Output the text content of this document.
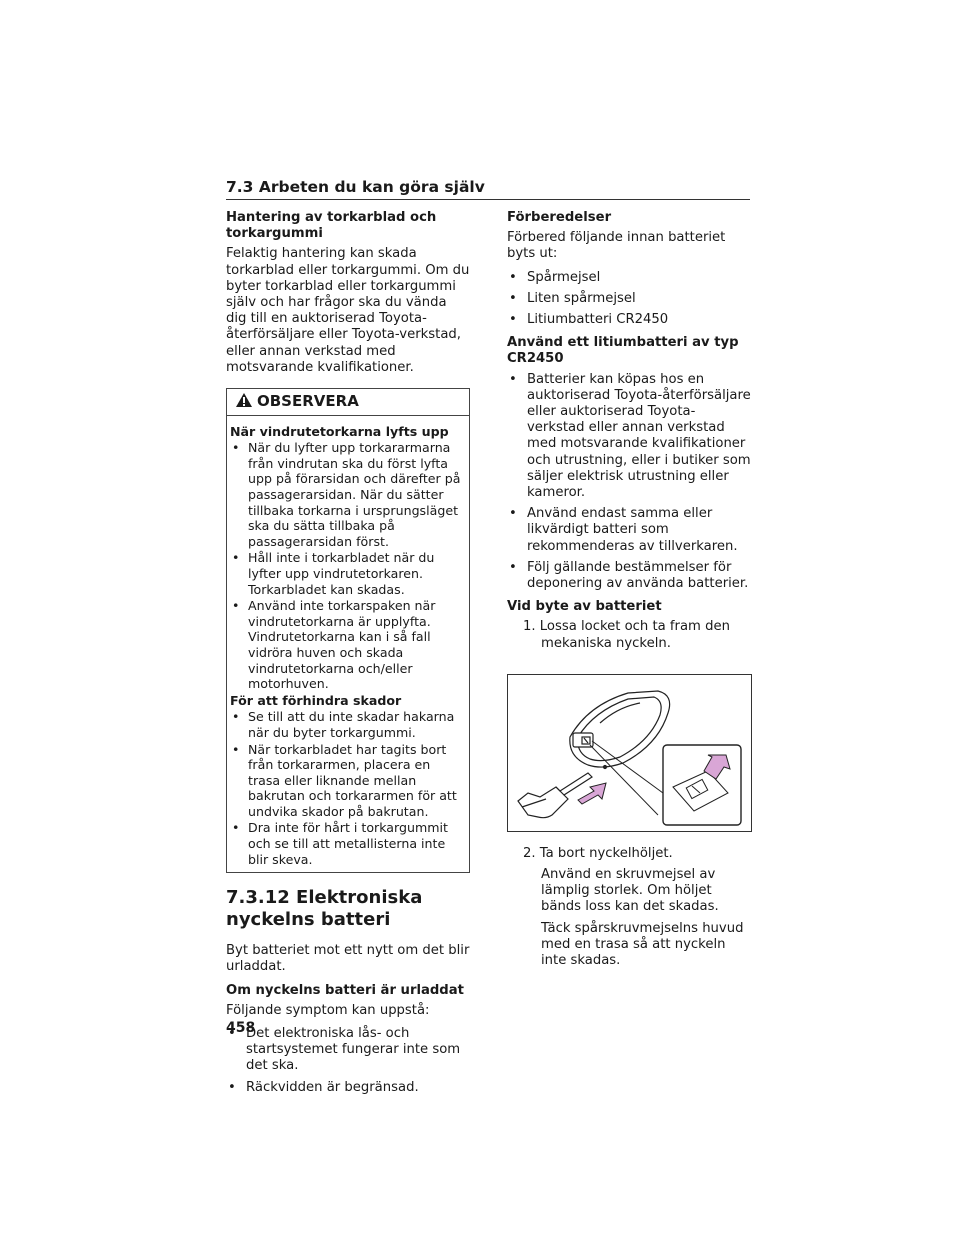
7.3 Arbeten du kan göra själv
Hantering av torkarblad och torkargummi

Felaktig hantering kan skada torkarblad eller torkargummi. Om du byter torkarblad eller torkargummi själv och har frågor ska du vända dig till en auktoriserad Toyota-återförsäljare eller Toyota-verkstad, eller annan verkstad med motsvarande kvalifikationer.

OBSERVERA
När vindrutetorkarna lyfts upp
• När du lyfter upp torkararmarna från vindrutan ska du först lyfta upp på förarsidan och därefter på passagerarsidan. När du sätter tillbaka torkarna i ursprungsläget ska du sätta tillbaka på passagerarsidan först.
• Håll inte i torkarbladet när du lyfter upp vindrutetorkaren. Torkarbladet kan skadas.
• Använd inte torkarspaken när vindrutetorkarna är upplyfta. Vindrutetorkarna kan i så fall vidröra huven och skada vindrutetorkarna och/eller motorhuven.
För att förhindra skador
• Se till att du inte skadar hakarna när du byter torkargummi.
• När torkarbladet har tagits bort från torkararmen, placera en trasa eller liknande mellan bakrutan och torkararmen för att undvika skador på bakrutan.
• Dra inte för hårt i torkargummit och se till att metallisterna inte blir skeva.
7.3.12 Elektroniska nyckelns batteri

Byt batteriet mot ett nytt om det blir urladdat.

Om nyckelns batteri är urladdat

Följande symptom kan uppstå:

• Det elektroniska lås- och startsystemet fungerar inte som det ska.
• Räckvidden är begränsad.
Förberedelser

Förbered följande innan batteriet byts ut:

• Spårmejsel
• Liten spårmejsel
• Litiumbatteri CR2450
Använd ett litiumbatteri av typ CR2450
• Batterier kan köpas hos en auktoriserad Toyota-återförsäljare eller auktoriserad Toyota-verkstad eller annan verkstad med motsvarande kvalifikationer och utrustning, eller i butiker som säljer elektrisk utrustning eller kameror.
• Använd endast samma eller likvärdigt batteri som rekommenderas av tillverkaren.
• Följ gällande bestämmelser för deponering av använda batterier.
Vid byte av batteriet

1. Lossa locket och ta fram den mekaniska nyckeln.

2. Ta bort nyckelhöljet.

Använd en skruvmejsel av lämplig storlek. Om höljet bänds loss kan det skadas.

Täck spårskruvmejselns huvud med en trasa så att nyckeln inte skadas.

458
